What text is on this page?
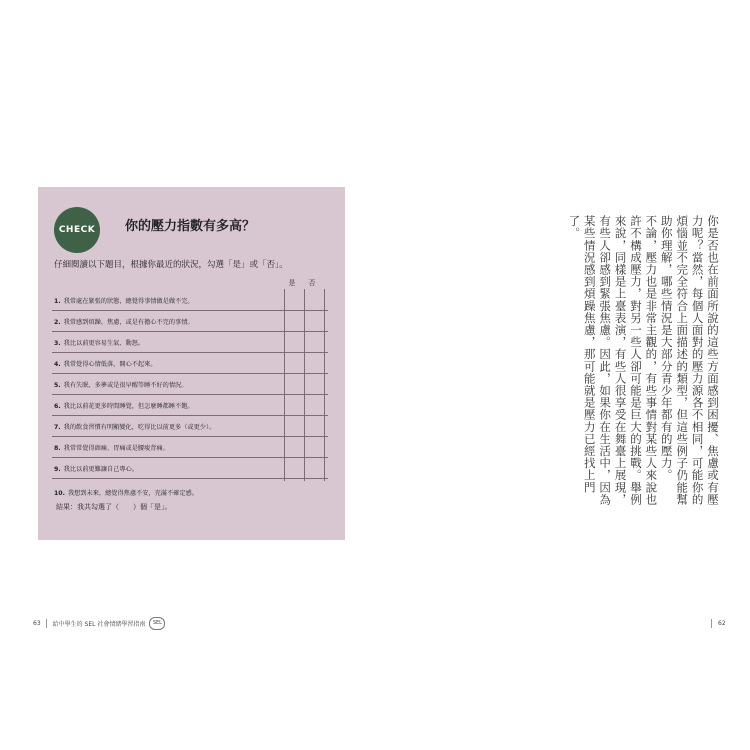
CHECK	你的壓力指數有多高？
仔細閱讀以下題目，根據你最近的狀況，勾選「是」或「否」。
是	否
1. 我常處在緊張的狀態，總覺得事情做是做不完。
2. 我常感到煩躁、焦慮，或是有擔心不完的事情。
3. 我比以前更容易生氣、動怒。
4. 我常覺得心情低落，開心不起來。
5. 我有失眠、多夢或是很早醒等睡不好的情況。
6. 我比以前花更多時間睡覺，但怎麼睡都睡不飽。
7. 我的飲食習慣有明顯變化，吃得比以前更多（或更少）。
8. 我常常覺得頭痛、胃痛或是腰痠背痛。
9. 我比以前更難讓自己專心。
10. 我想到未來，總覺得焦慮不安，充滿不確定感。
結果：我共勾選了（　　）個「是」。

你是否也在前面所說的這些方面感到困擾、焦慮或有壓力呢？當然，每個人面對的壓力源各不相同，可能你的煩惱並不完全符合上面描述的類型，但這些例子仍能幫助你理解，哪些情況是大部分青少年都有的壓力。

不論，壓力也是非常主觀的，有些事情對某些人來說也許不構成壓力，對另一些人卻可能是巨大的挑戰。舉例來說，同樣是上臺表演，有些人很享受在舞臺上展現，有些人卻感到緊張焦慮。因此，如果你在生活中，因為某些情況感到煩躁焦慮，那可能就是壓力已經找上門了。

63 給中學生的 SEL 社會情緒學習指南	SEL	62
